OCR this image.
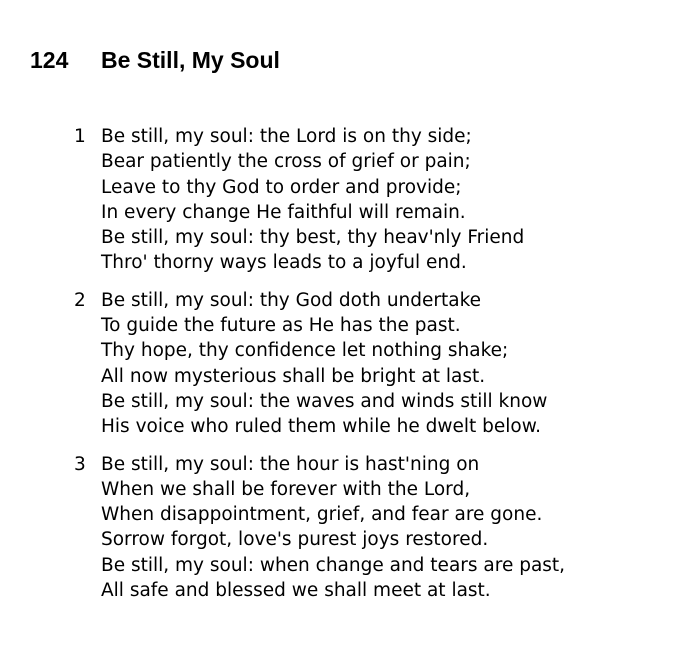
124 Be Still, My Soul
1 Be still, my soul: the Lord is on thy side;
Bear patiently the cross of grief or pain;
Leave to thy God to order and provide;
In every change He faithful will remain.
Be still, my soul: thy best, thy heav'nly Friend
Thro' thorny ways leads to a joyful end.
2 Be still, my soul: thy God doth undertake
To guide the future as He has the past.
Thy hope, thy confidence let nothing shake;
All now mysterious shall be bright at last.
Be still, my soul: the waves and winds still know
His voice who ruled them while he dwelt below.
3 Be still, my soul: the hour is hast'ning on
When we shall be forever with the Lord,
When disappointment, grief, and fear are gone.
Sorrow forgot, love's purest joys restored.
Be still, my soul: when change and tears are past,
All safe and blessed we shall meet at last.
